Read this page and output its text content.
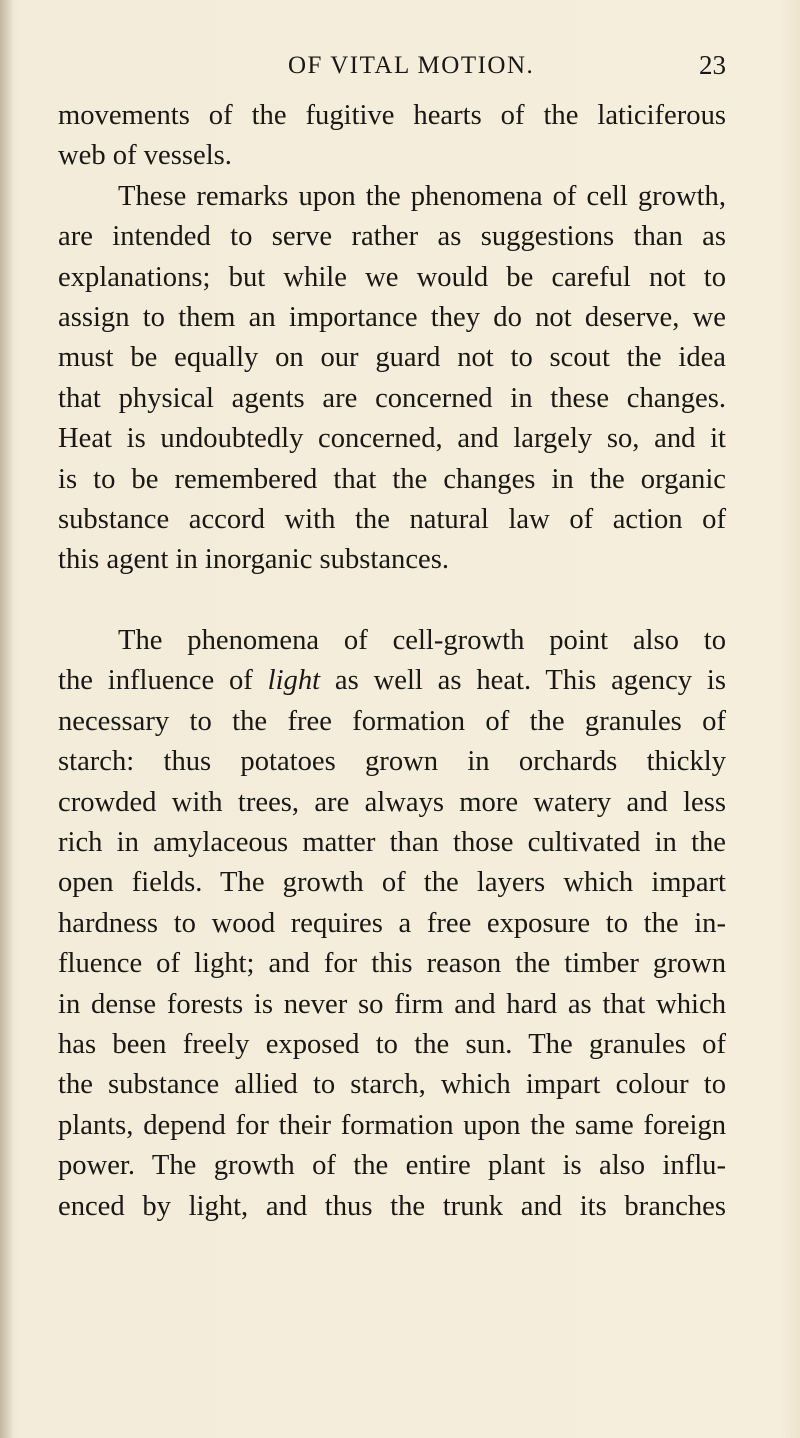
OF VITAL MOTION.	23
movements of the fugitive hearts of the laticiferous
web of vessels.
These remarks upon the phenomena of cell growth,
are intended to serve rather as suggestions than as
explanations; but while we would be careful not to
assign to them an importance they do not deserve, we
must be equally on our guard not to scout the idea
that physical agents are concerned in these changes.
Heat is undoubtedly concerned, and largely so, and it
is to be remembered that the changes in the organic
substance accord with the natural law of action of
this agent in inorganic substances.
The phenomena of cell-growth point also to
the influence of light as well as heat. This agency is
necessary to the free formation of the granules of
starch: thus potatoes grown in orchards thickly
crowded with trees, are always more watery and less
rich in amylaceous matter than those cultivated in the
open fields. The growth of the layers which impart
hardness to wood requires a free exposure to the in-
fluence of light; and for this reason the timber grown
in dense forests is never so firm and hard as that which
has been freely exposed to the sun. The granules of
the substance allied to starch, which impart colour to
plants, depend for their formation upon the same foreign
power. The growth of the entire plant is also influ-
enced by light, and thus the trunk and its branches
